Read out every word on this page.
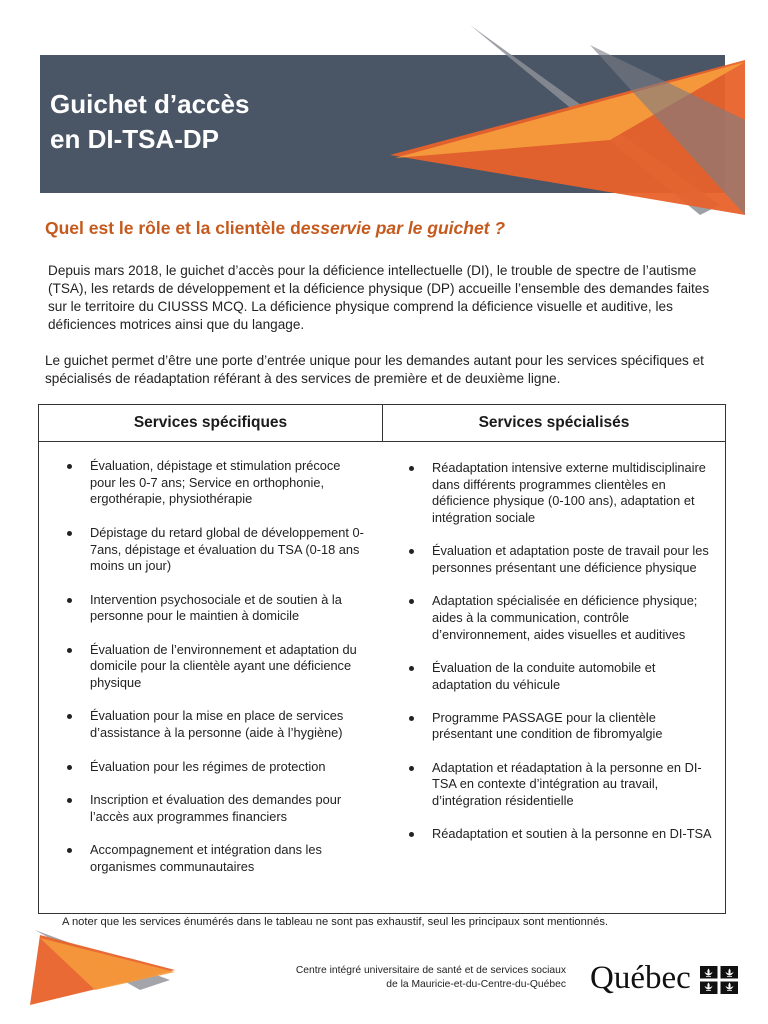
Guichet d’accès
en DI-TSA-DP
Quel est le rôle et la clientèle desservie par le guichet ?

Depuis mars 2018, le guichet d’accès pour la déficience intellectuelle (DI), le trouble de spectre de l’autisme (TSA), les retards de développement et la déficience physique (DP) accueille l’ensemble des demandes faites sur le territoire du CIUSSS MCQ. La déficience physique comprend la déficience visuelle et auditive, les déficiences motrices ainsi que du langage.

Le guichet permet d’être une porte d’entrée unique pour les demandes autant pour les services spécifiques et spécialisés de réadaptation référant à des services de première et de deuxième ligne.

Services spécifiques	Services spécialisés
Évaluation, dépistage et stimulation précoce pour les 0-7 ans; Service en orthophonie, ergothérapie, physiothérapie
Dépistage du retard global de développement 0-7ans, dépistage et évaluation du TSA (0-18 ans moins un jour)
Intervention psychosociale et de soutien à la personne pour le maintien à domicile
Évaluation de l’environnement et adaptation du domicile pour la clientèle ayant une déficience physique
Évaluation pour la mise en place de services d’assistance à la personne (aide à l’hygiène)
Évaluation pour les régimes de protection
Inscription et évaluation des demandes pour l’accès aux programmes financiers
Accompagnement et intégration dans les organismes communautaires
Réadaptation intensive externe multidisciplinaire dans différents programmes clientèles en déficience physique (0-100 ans), adaptation et intégration sociale
Évaluation et adaptation poste de travail pour les personnes présentant une déficience physique
Adaptation spécialisée en déficience physique; aides à la communication, contrôle d’environnement, aides visuelles et auditives
Évaluation de la conduite automobile et adaptation du véhicule
Programme PASSAGE pour la clientèle présentant une condition de fibromyalgie
Adaptation et réadaptation à la personne en DI-TSA en contexte d’intégration au travail, d’intégration résidentielle
Réadaptation et soutien à la personne en DI-TSA

A noter que les services énumérés dans le tableau ne sont pas exhaustif, seul les principaux sont mentionnés.

Centre intégré universitaire de santé et de services sociaux
de la Mauricie-et-du-Centre-du-Québec Québec
